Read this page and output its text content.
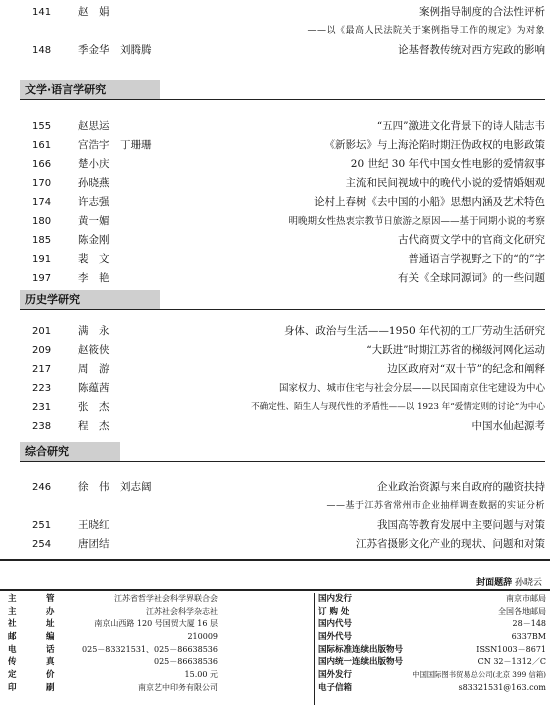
141	赵　娟	案例指导制度的合法性评析
——以《最高人民法院关于案例指导工作的规定》为对象
148	季金华　刘腾腾	论基督教传统对西方宪政的影响
文学·语言学研究
155	赵思运	“五四”激进文化背景下的诗人陆志韦
161	宫浩宇　丁珊珊	《新影坛》与上海沦陷时期汪伪政权的电影政策
166	楚小庆	20 世纪 30 年代中国女性电影的爱情叙事
170	孙晓燕	主流和民间视域中的晚代小说的爱情婚姻观
174	许志强	论村上春树《去中国的小船》思想内涵及艺术特色
180	黄一媚	明晚期女性热衷宗教节日旅游之原因——基于同期小说的考察
185	陈金刚	古代商贾文学中的官商文化研究
191	裴　文	普通语言学视野之下的“的”字
197	李　艳	有关《全球同源词》的一些问题
历史学研究
201	满　永	身体、政治与生活——1950 年代初的工厂劳动生活研究
209	赵筱侠	“大跃进”时期江苏省的梯级河网化运动
217	周　游	边区政府对“双十节”的纪念和阐释
223	陈蕴茜	国家权力、城市住宅与社会分层——以民国南京住宅建设为中心
231	张　杰	不确定性、陌生人与现代性的矛盾性——以 1923 年“爱情定则的讨论”为中心
238	程　杰	中国水仙起源考
综合研究
246	徐　伟　刘志阔	企业政治资源与来自政府的融资扶持
——基于江苏省常州市企业抽样调查数据的实证分析
251	王晓红	我国高等教育发展中主要问题与对策
254	唐团结	江苏省摄影文化产业的现状、问题和对策
封面题辞 孙晓云
主	管	江苏省哲学社会科学界联合会
主	办	江苏社会科学杂志社
社	址	南京山西路 120 号国贸大厦 16 层
邮	编	210009
电	话	025－83321531、025－86638536
传	真	025－86638536
定	价	15.00 元
印	刷	南京艺中印务有限公司
国内发行	南京市邮局
订 购 处	全国各地邮局
国内代号	28－148
国外代号	6337BM
国际标准连续出版物号	ISSN1003－8671
国内统一连续出版物号	CN 32－1312／C
国外发行	中国国际图书贸易总公司(北京 399 信箱)
电子信箱	s83321531@163.com
